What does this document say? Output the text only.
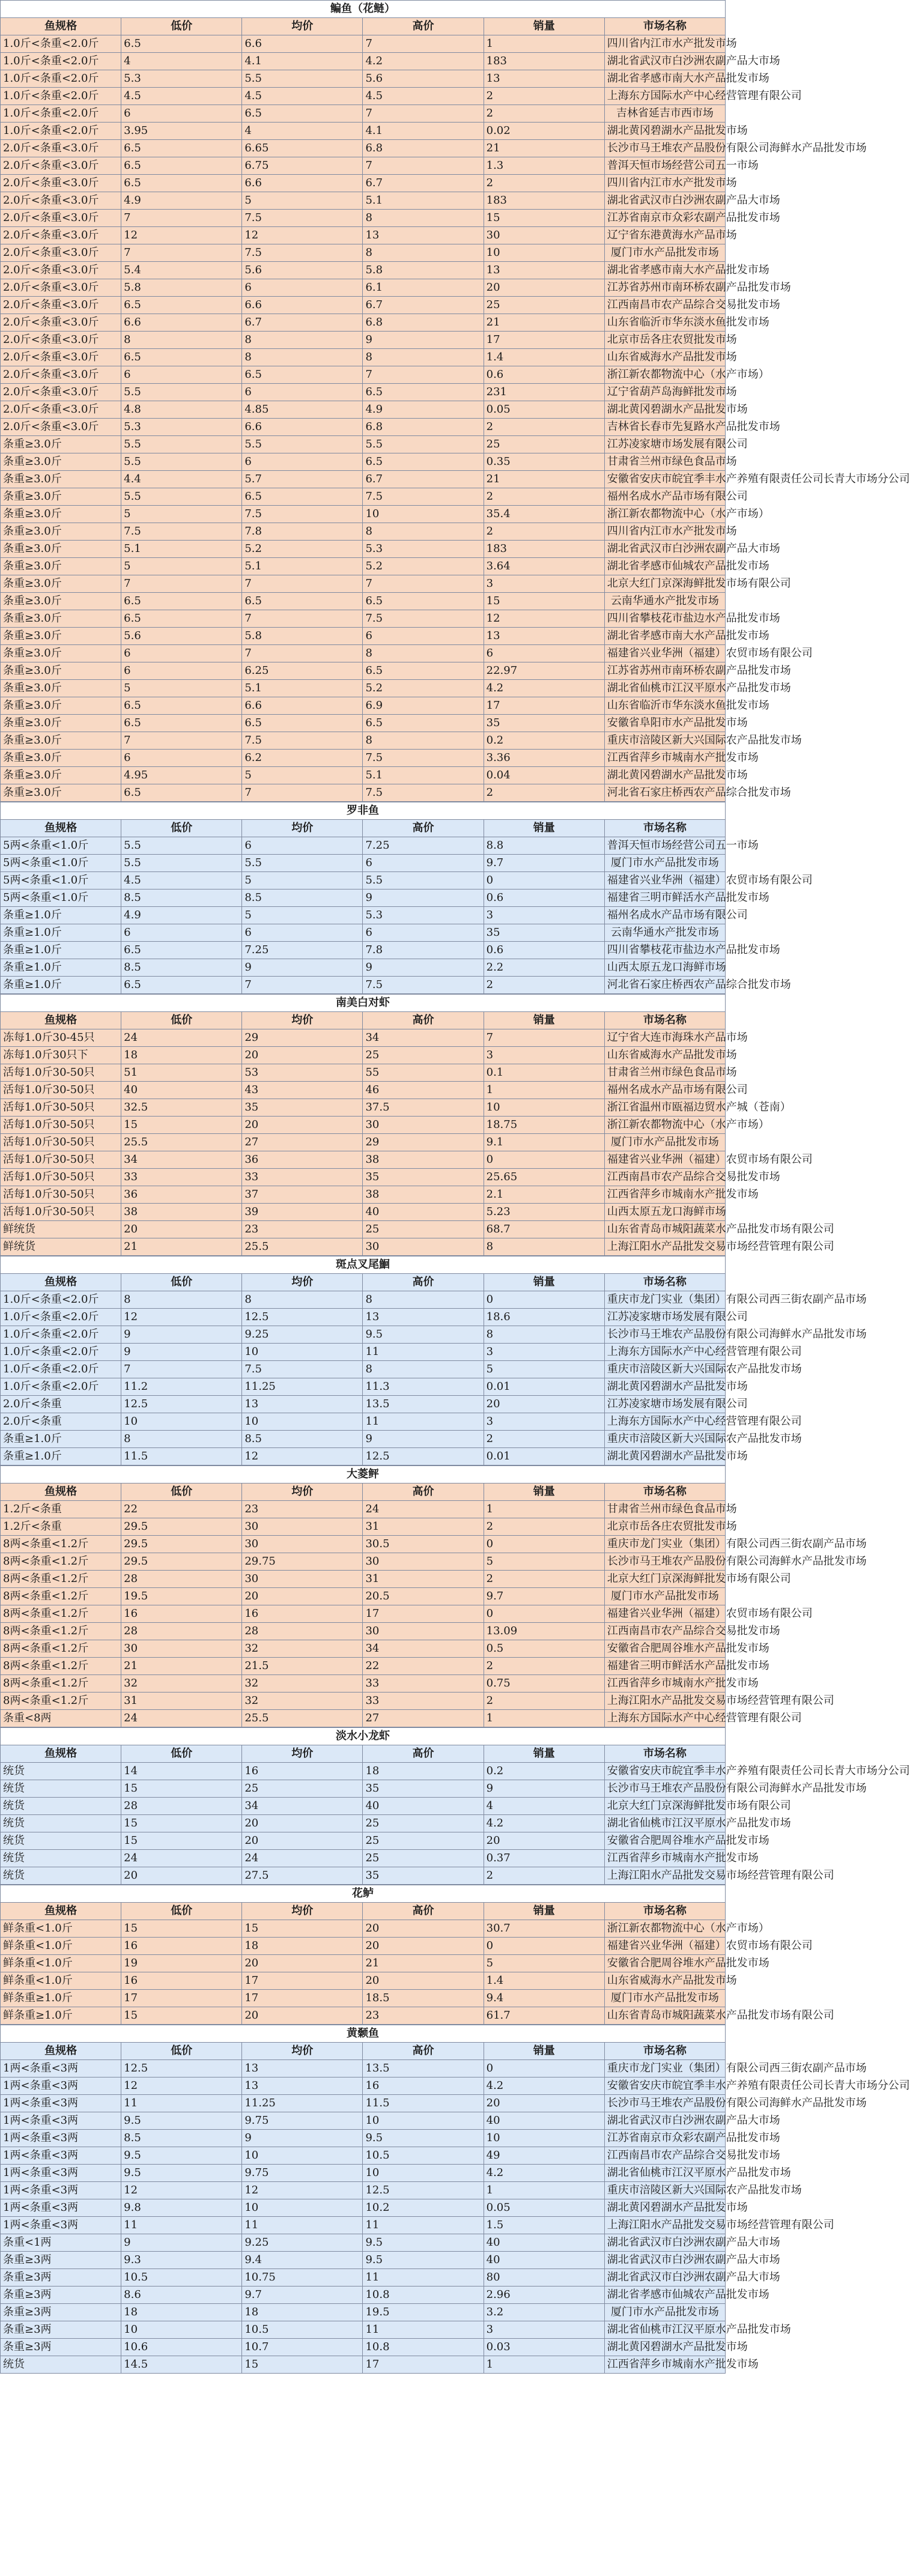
鳊鱼（花鲢）					
鱼规格	低价	均价	高价	销量	市场名称
1.0斤<条重<2.0斤	6.5	6.6	7	1	四川省内江市水产批发市场
1.0斤<条重<2.0斤	4	4.1	4.2	183	湖北省武汉市白沙洲农副产品大市场
1.0斤<条重<2.0斤	5.3	5.5	5.6	13	湖北省孝感市南大水产品批发市场
1.0斤<条重<2.0斤	4.5	4.5	4.5	2	上海东方国际水产中心经营管理有限公司
1.0斤<条重<2.0斤	6	6.5	7	2	吉林省延吉市西市场
1.0斤<条重<2.0斤	3.95	4	4.1	0.02	湖北黄冈碧湖水产品批发市场
2.0斤<条重<3.0斤	6.5	6.65	6.8	21	长沙市马王堆农产品股份有限公司海鲜水产品批发市场
2.0斤<条重<3.0斤	6.5	6.75	7	1.3	普洱天恒市场经营公司五一市场
2.0斤<条重<3.0斤	6.5	6.6	6.7	2	四川省内江市水产批发市场
2.0斤<条重<3.0斤	4.9	5	5.1	183	湖北省武汉市白沙洲农副产品大市场
2.0斤<条重<3.0斤	7	7.5	8	15	江苏省南京市众彩农副产品批发市场
2.0斤<条重<3.0斤	12	12	13	30	辽宁省东港黄海水产品市场
2.0斤<条重<3.0斤	7	7.5	8	10	厦门市水产品批发市场
2.0斤<条重<3.0斤	5.4	5.6	5.8	13	湖北省孝感市南大水产品批发市场
2.0斤<条重<3.0斤	5.8	6	6.1	20	江苏省苏州市南环桥农副产品批发市场
2.0斤<条重<3.0斤	6.5	6.6	6.7	25	江西南昌市农产品综合交易批发市场
2.0斤<条重<3.0斤	6.6	6.7	6.8	21	山东省临沂市华东淡水鱼批发市场
2.0斤<条重<3.0斤	8	8	9	17	北京市岳各庄农贸批发市场
2.0斤<条重<3.0斤	6.5	8	8	1.4	山东省威海水产品批发市场
2.0斤<条重<3.0斤	6	6.5	7	0.6	浙江新农都物流中心（水产市场）
2.0斤<条重<3.0斤	5.5	6	6.5	231	辽宁省葫芦岛海鲜批发市场
2.0斤<条重<3.0斤	4.8	4.85	4.9	0.05	湖北黄冈碧湖水产品批发市场
2.0斤<条重<3.0斤	5.3	6.6	6.8	2	吉林省长春市先复路水产品批发市场
条重≥3.0斤	5.5	5.5	5.5	25	江苏凌家塘市场发展有限公司
条重≥3.0斤	5.5	6	6.5	0.35	甘肃省兰州市绿色食品市场
条重≥3.0斤	4.4	5.7	6.7	21	安徽省安庆市皖宜季丰水产养殖有限责任公司长青大市场分公司
条重≥3.0斤	5.5	6.5	7.5	2	福州名成水产品市场有限公司
条重≥3.0斤	5	7.5	10	35.4	浙江新农都物流中心（水产市场）
条重≥3.0斤	7.5	7.8	8	2	四川省内江市水产批发市场
条重≥3.0斤	5.1	5.2	5.3	183	湖北省武汉市白沙洲农副产品大市场
条重≥3.0斤	5	5.1	5.2	3.64	湖北省孝感市仙城农产品批发市场
条重≥3.0斤	7	7	7	3	北京大红门京深海鲜批发市场有限公司
条重≥3.0斤	6.5	6.5	6.5	15	云南华通水产批发市场
条重≥3.0斤	6.5	7	7.5	12	四川省攀枝花市盐边水产品批发市场
条重≥3.0斤	5.6	5.8	6	13	湖北省孝感市南大水产品批发市场
条重≥3.0斤	6	7	8	6	福建省兴业华洲（福建）农贸市场有限公司
条重≥3.0斤	6	6.25	6.5	22.97	江苏省苏州市南环桥农副产品批发市场
条重≥3.0斤	5	5.1	5.2	4.2	湖北省仙桃市江汉平原水产品批发市场
条重≥3.0斤	6.5	6.6	6.9	17	山东省临沂市华东淡水鱼批发市场
条重≥3.0斤	6.5	6.5	6.5	35	安徽省阜阳市水产品批发市场
条重≥3.0斤	7	7.5	8	0.2	重庆市涪陵区新大兴国际农产品批发市场
条重≥3.0斤	6	6.2	7.5	3.36	江西省萍乡市城南水产批发市场
条重≥3.0斤	4.95	5	5.1	0.04	湖北黄冈碧湖水产品批发市场
条重≥3.0斤	6.5	7	7.5	2	河北省石家庄桥西农产品综合批发市场
罗非鱼					
鱼规格	低价	均价	高价	销量	市场名称
5两<条重<1.0斤	5.5	6	7.25	8.8	普洱天恒市场经营公司五一市场
5两<条重<1.0斤	5.5	5.5	6	9.7	厦门市水产品批发市场
5两<条重<1.0斤	4.5	5	5.5	0	福建省兴业华洲（福建）农贸市场有限公司
5两<条重<1.0斤	8.5	8.5	9	0.6	福建省三明市鲜活水产品批发市场
条重≥1.0斤	4.9	5	5.3	3	福州名成水产品市场有限公司
条重≥1.0斤	6	6	6	35	云南华通水产批发市场
条重≥1.0斤	6.5	7.25	7.8	0.6	四川省攀枝花市盐边水产品批发市场
条重≥1.0斤	8.5	9	9	2.2	山西太原五龙口海鲜市场
条重≥1.0斤	6.5	7	7.5	2	河北省石家庄桥西农产品综合批发市场
南美白对虾					
鱼规格	低价	均价	高价	销量	市场名称
冻每1.0斤30-45只	24	29	34	7	辽宁省大连市海珠水产品市场
冻每1.0斤30只下	18	20	25	3	山东省威海水产品批发市场
活每1.0斤30-50只	51	53	55	0.1	甘肃省兰州市绿色食品市场
活每1.0斤30-50只	40	43	46	1	福州名成水产品市场有限公司
活每1.0斤30-50只	32.5	35	37.5	10	浙江省温州市瓯福边贸水产城（苍南）
活每1.0斤30-50只	15	20	30	18.75	浙江新农都物流中心（水产市场）
活每1.0斤30-50只	25.5	27	29	9.1	厦门市水产品批发市场
活每1.0斤30-50只	34	36	38	0	福建省兴业华洲（福建）农贸市场有限公司
活每1.0斤30-50只	33	33	35	25.65	江西南昌市农产品综合交易批发市场
活每1.0斤30-50只	36	37	38	2.1	江西省萍乡市城南水产批发市场
活每1.0斤30-50只	38	39	40	5.23	山西太原五龙口海鲜市场
鲜统货	20	23	25	68.7	山东省青岛市城阳蔬菜水产品批发市场有限公司
鲜统货	21	25.5	30	8	上海江阳水产品批发交易市场经营管理有限公司
斑点叉尾鮰					
鱼规格	低价	均价	高价	销量	市场名称
1.0斤<条重<2.0斤	8	8	8	0	重庆市龙门实业（集团）有限公司西三街农副产品市场
1.0斤<条重<2.0斤	12	12.5	13	18.6	江苏凌家塘市场发展有限公司
1.0斤<条重<2.0斤	9	9.25	9.5	8	长沙市马王堆农产品股份有限公司海鲜水产品批发市场
1.0斤<条重<2.0斤	9	10	11	3	上海东方国际水产中心经营管理有限公司
1.0斤<条重<2.0斤	7	7.5	8	5	重庆市涪陵区新大兴国际农产品批发市场
1.0斤<条重<2.0斤	11.2	11.25	11.3	0.01	湖北黄冈碧湖水产品批发市场
2.0斤<条重	12.5	13	13.5	20	江苏凌家塘市场发展有限公司
2.0斤<条重	10	10	11	3	上海东方国际水产中心经营管理有限公司
条重≥1.0斤	8	8.5	9	2	重庆市涪陵区新大兴国际农产品批发市场
条重≥1.0斤	11.5	12	12.5	0.01	湖北黄冈碧湖水产品批发市场
大菱鲆					
鱼规格	低价	均价	高价	销量	市场名称
1.2斤<条重	22	23	24	1	甘肃省兰州市绿色食品市场
1.2斤<条重	29.5	30	31	2	北京市岳各庄农贸批发市场
8两<条重<1.2斤	29.5	30	30.5	0	重庆市龙门实业（集团）有限公司西三街农副产品市场
8两<条重<1.2斤	29.5	29.75	30	5	长沙市马王堆农产品股份有限公司海鲜水产品批发市场
8两<条重<1.2斤	28	30	31	2	北京大红门京深海鲜批发市场有限公司
8两<条重<1.2斤	19.5	20	20.5	9.7	厦门市水产品批发市场
8两<条重<1.2斤	16	16	17	0	福建省兴业华洲（福建）农贸市场有限公司
8两<条重<1.2斤	28	28	30	13.09	江西南昌市农产品综合交易批发市场
8两<条重<1.2斤	30	32	34	0.5	安徽省合肥周谷堆水产品批发市场
8两<条重<1.2斤	21	21.5	22	2	福建省三明市鲜活水产品批发市场
8两<条重<1.2斤	32	32	33	0.75	江西省萍乡市城南水产批发市场
8两<条重<1.2斤	31	32	33	2	上海江阳水产品批发交易市场经营管理有限公司
条重<8两	24	25.5	27	1	上海东方国际水产中心经营管理有限公司
淡水小龙虾					
鱼规格	低价	均价	高价	销量	市场名称
统货	14	16	18	0.2	安徽省安庆市皖宜季丰水产养殖有限责任公司长青大市场分公司
统货	15	25	35	9	长沙市马王堆农产品股份有限公司海鲜水产品批发市场
统货	28	34	40	4	北京大红门京深海鲜批发市场有限公司
统货	15	20	25	4.2	湖北省仙桃市江汉平原水产品批发市场
统货	15	20	25	20	安徽省合肥周谷堆水产品批发市场
统货	24	24	25	0.37	江西省萍乡市城南水产批发市场
统货	20	27.5	35	2	上海江阳水产品批发交易市场经营管理有限公司
花鲈					
鱼规格	低价	均价	高价	销量	市场名称
鲜条重<1.0斤	15	15	20	30.7	浙江新农都物流中心（水产市场）
鲜条重<1.0斤	16	18	20	0	福建省兴业华洲（福建）农贸市场有限公司
鲜条重<1.0斤	19	20	21	5	安徽省合肥周谷堆水产品批发市场
鲜条重<1.0斤	16	17	20	1.4	山东省威海水产品批发市场
鲜条重≥1.0斤	17	17	18.5	9.4	厦门市水产品批发市场
鲜条重≥1.0斤	15	20	23	61.7	山东省青岛市城阳蔬菜水产品批发市场有限公司
黄颡鱼					
鱼规格	低价	均价	高价	销量	市场名称
1两<条重<3两	12.5	13	13.5	0	重庆市龙门实业（集团）有限公司西三街农副产品市场
1两<条重<3两	12	13	16	4.2	安徽省安庆市皖宜季丰水产养殖有限责任公司长青大市场分公司
1两<条重<3两	11	11.25	11.5	20	长沙市马王堆农产品股份有限公司海鲜水产品批发市场
1两<条重<3两	9.5	9.75	10	40	湖北省武汉市白沙洲农副产品大市场
1两<条重<3两	8.5	9	9.5	10	江苏省南京市众彩农副产品批发市场
1两<条重<3两	9.5	10	10.5	49	江西南昌市农产品综合交易批发市场
1两<条重<3两	9.5	9.75	10	4.2	湖北省仙桃市江汉平原水产品批发市场
1两<条重<3两	12	12	12.5	1	重庆市涪陵区新大兴国际农产品批发市场
1两<条重<3两	9.8	10	10.2	0.05	湖北黄冈碧湖水产品批发市场
1两<条重<3两	11	11	11	1.5	上海江阳水产品批发交易市场经营管理有限公司
条重<1两	9	9.25	9.5	40	湖北省武汉市白沙洲农副产品大市场
条重≥3两	9.3	9.4	9.5	40	湖北省武汉市白沙洲农副产品大市场
条重≥3两	10.5	10.75	11	80	湖北省武汉市白沙洲农副产品大市场
条重≥3两	8.6	9.7	10.8	2.96	湖北省孝感市仙城农产品批发市场
条重≥3两	18	18	19.5	3.2	厦门市水产品批发市场
条重≥3两	10	10.5	11	3	湖北省仙桃市江汉平原水产品批发市场
条重≥3两	10.6	10.7	10.8	0.03	湖北黄冈碧湖水产品批发市场
统货	14.5	15	17	1	江西省萍乡市城南水产批发市场
